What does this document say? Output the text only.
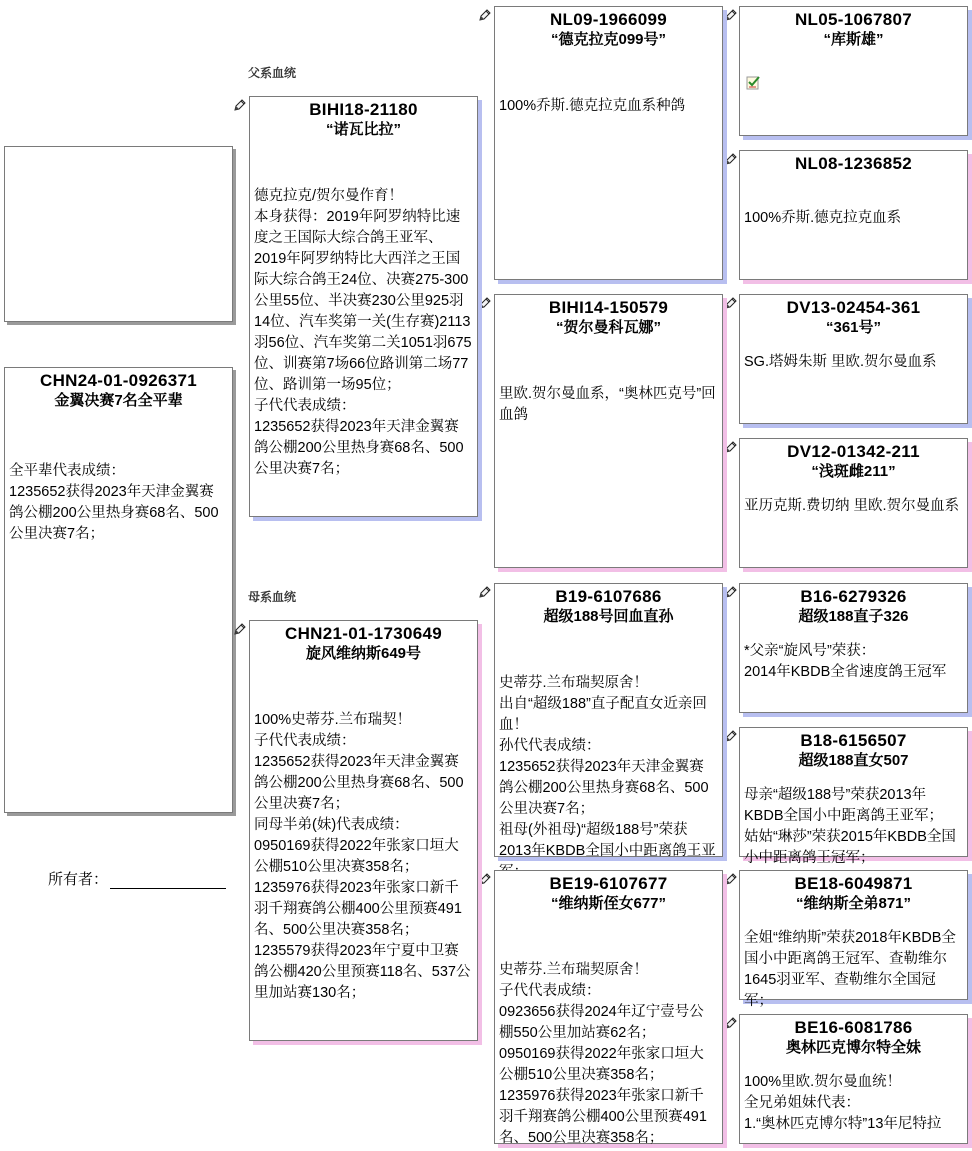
CHN24-01-0926371
金翼决赛7名全平辈
全平辈代表成绩：
1235652获得2023年天津金翼赛鸽公棚200公里热身赛68名、500公里决赛7名；
所有者：
父系血统
母系血统
BIHI18-21180
“诺瓦比拉”
德克拉克/贺尔曼作育！
本身获得：2019年阿罗纳特比速度之王国际大综合鸽王亚军、2019年阿罗纳特比大西洋之王国际大综合鸽王24位、决赛275-300公里55位、半决赛230公里925羽14位、汽车奖第一关(生存赛)2113羽56位、汽车奖第二关1051羽675位、训赛第7场66位路训第二场77位、路训第一场95位；
子代代表成绩：
1235652获得2023年天津金翼赛鸽公棚200公里热身赛68名、500公里决赛7名；
CHN21-01-1730649
旋风维纳斯649号
100%史蒂芬.兰布瑞契！
子代代表成绩：
1235652获得2023年天津金翼赛鸽公棚200公里热身赛68名、500公里决赛7名；
同母半弟(妹)代表成绩：
0950169获得2022年张家口垣大公棚510公里决赛358名；
1235976获得2023年张家口新千羽千翔赛鸽公棚400公里预赛491名、500公里决赛358名；
1235579获得2023年宁夏中卫赛鸽公棚420公里预赛118名、537公里加站赛130名；
NL09-1966099
“德克拉克099号”
100%乔斯.德克拉克血系种鸽
BIHI14-150579
“贺尔曼科瓦娜”
里欧.贺尔曼血系，“奥林匹克号”回血鸽
B19-6107686
超级188号回血直孙
史蒂芬.兰布瑞契原舍！
出自“超级188”直子配直女近亲回血！
孙代代表成绩：
1235652获得2023年天津金翼赛鸽公棚200公里热身赛68名、500公里决赛7名；
祖母(外祖母)“超级188号”荣获2013年KBDB全国小中距离鸽王亚
BE19-6107677
“维纳斯侄女677”
史蒂芬.兰布瑞契原舍！
子代代表成绩：
0923656获得2024年辽宁壹号公棚550公里加站赛62名；
0950169获得2022年张家口垣大公棚510公里决赛358名；
1235976获得2023年张家口新千羽千翔赛鸽公棚400公里预赛491名、500公里决赛358名；
NL05-1067807
“库斯雄”
NL08-1236852
100%乔斯.德克拉克血系
DV13-02454-361
“361号”
SG.塔姆朱斯 里欧.贺尔曼血系
DV12-01342-211
“浅斑雌211”
亚历克斯.费切纳 里欧.贺尔曼血系
B16-6279326
超级188直子326
*父亲“旋风号”荣获：
2014年KBDB全省速度鸽王冠军
B18-6156507
超级188直女507
母亲“超级188号”荣获2013年KBDB全国小中距离鸽王亚军；
姑姑“琳莎”荣获2015年KBDB全国小中距离鸽王冠军；
BE18-6049871
“维纳斯全弟871”
全姐“维纳斯”荣获2018年KBDB全国小中距离鸽王冠军、查勒维尔1645羽亚军、查勒维尔全国冠军；
BE16-6081786
奥林匹克博尔特全妹
100%里欧.贺尔曼血统！
全兄弟姐妹代表：
1.“奥林匹克博尔特”13年尼特拉
